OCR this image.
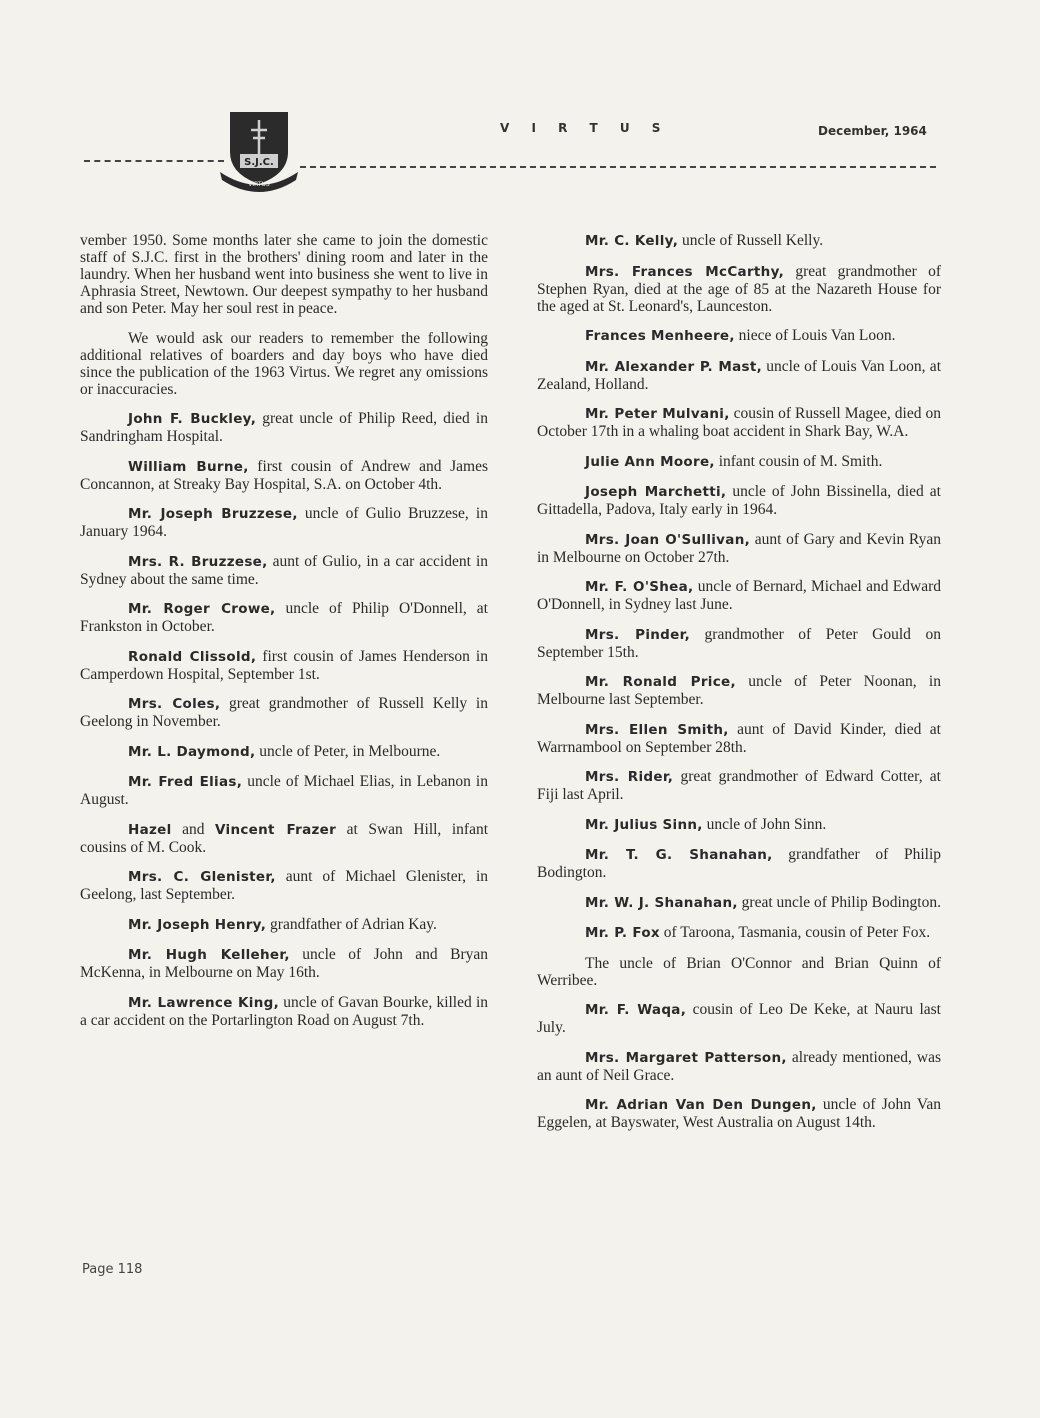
S.J.C.
VIRTUS
V I R T U S	December, 1964

vember 1950. Some months later she came to join the domestic staff of S.J.C. first in the brothers' dining room and later in the laundry. When her husband went into business she went to live in Aphrasia Street, Newtown. Our deepest sympathy to her husband and son Peter. May her soul rest in peace.

We would ask our readers to remember the following additional relatives of boarders and day boys who have died since the publication of the 1963 Virtus. We regret any omissions or inaccuracies.

John F. Buckley, great uncle of Philip Reed, died in Sandringham Hospital.

William Burne, first cousin of Andrew and James Concannon, at Streaky Bay Hospital, S.A. on October 4th.

Mr. Joseph Bruzzese, uncle of Gulio Bruzzese, in January 1964.

Mrs. R. Bruzzese, aunt of Gulio, in a car accident in Sydney about the same time.

Mr. Roger Crowe, uncle of Philip O'Donnell, at Frankston in October.

Ronald Clissold, first cousin of James Henderson in Camperdown Hospital, September 1st.

Mrs. Coles, great grandmother of Russell Kelly in Geelong in November.

Mr. L. Daymond, uncle of Peter, in Melbourne.

Mr. Fred Elias, uncle of Michael Elias, in Lebanon in August.

Hazel and Vincent Frazer at Swan Hill, infant cousins of M. Cook.

Mrs. C. Glenister, aunt of Michael Glenister, in Geelong, last September.

Mr. Joseph Henry, grandfather of Adrian Kay.

Mr. Hugh Kelleher, uncle of John and Bryan McKenna, in Melbourne on May 16th.

Mr. Lawrence King, uncle of Gavan Bourke, killed in a car accident on the Portarlington Road on August 7th.

Mr. C. Kelly, uncle of Russell Kelly.

Mrs. Frances McCarthy, great grandmother of Stephen Ryan, died at the age of 85 at the Nazareth House for the aged at St. Leonard's, Launceston.

Frances Menheere, niece of Louis Van Loon.

Mr. Alexander P. Mast, uncle of Louis Van Loon, at Zealand, Holland.

Mr. Peter Mulvani, cousin of Russell Magee, died on October 17th in a whaling boat accident in Shark Bay, W.A.

Julie Ann Moore, infant cousin of M. Smith.

Joseph Marchetti, uncle of John Bissinella, died at Gittadella, Padova, Italy early in 1964.

Mrs. Joan O'Sullivan, aunt of Gary and Kevin Ryan in Melbourne on October 27th.

Mr. F. O'Shea, uncle of Bernard, Michael and Edward O'Donnell, in Sydney last June.

Mrs. Pinder, grandmother of Peter Gould on September 15th.

Mr. Ronald Price, uncle of Peter Noonan, in Melbourne last September.

Mrs. Ellen Smith, aunt of David Kinder, died at Warrnambool on September 28th.

Mrs. Rider, great grandmother of Edward Cotter, at Fiji last April.

Mr. Julius Sinn, uncle of John Sinn.

Mr. T. G. Shanahan, grandfather of Philip Bodington.

Mr. W. J. Shanahan, great uncle of Philip Bodington.

Mr. P. Fox of Taroona, Tasmania, cousin of Peter Fox.

The uncle of Brian O'Connor and Brian Quinn of Werribee.

Mr. F. Waqa, cousin of Leo De Keke, at Nauru last July.

Mrs. Margaret Patterson, already mentioned, was an aunt of Neil Grace.

Mr. Adrian Van Den Dungen, uncle of John Van Eggelen, at Bayswater, West Australia on August 14th.

Page 118
